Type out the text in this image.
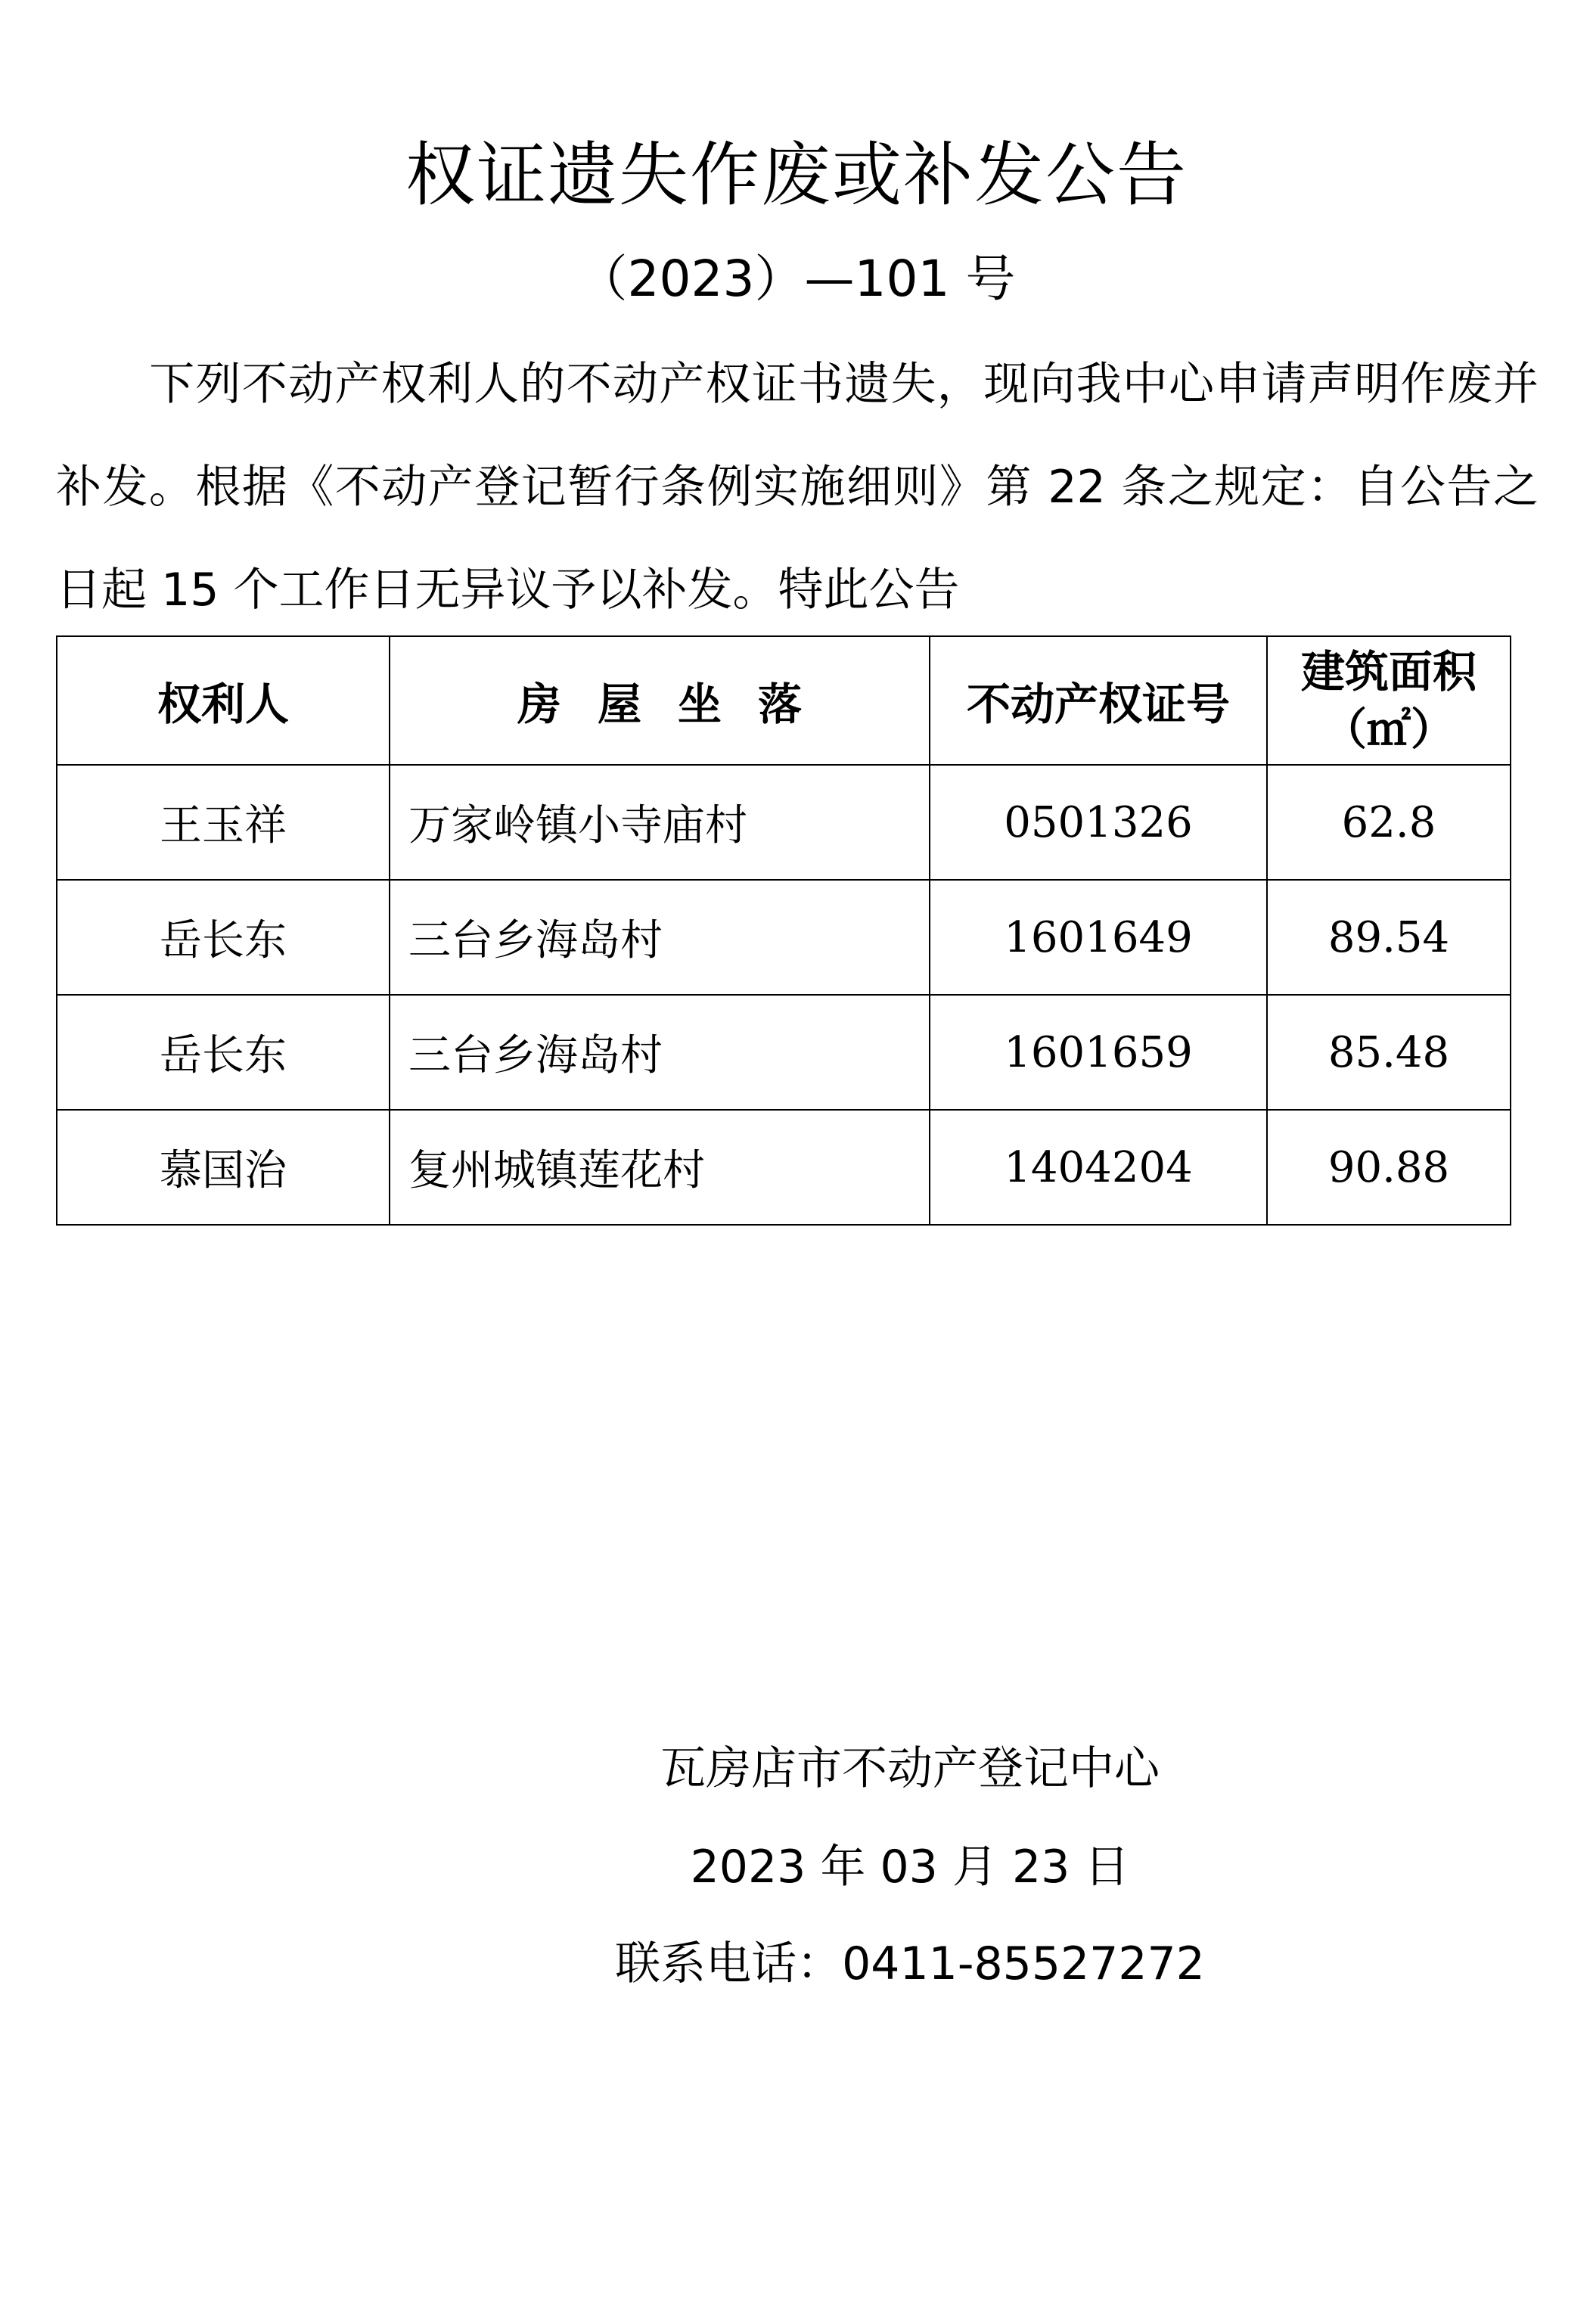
权证遗失作废或补发公告
（2023）—101 号
下列不动产权利人的不动产权证书遗失，现向我中心申请声明作废并补发。根据《不动产登记暂行条例实施细则》第 22 条之规定：自公告之日起 15 个工作日无异议予以补发。特此公告
权利人	房 屋 坐 落	不动产权证号	建筑面积
（㎡）

王玉祥	万家岭镇小寺庙村	0501326	62.8
岳长东	三台乡海岛村	1601649	89.54
岳长东	三台乡海岛村	1601659	85.48
慕国治	复州城镇莲花村	1404204	90.88
瓦房店市不动产登记中心
2023 年 03 月 23 日
联系电话：0411-85527272
